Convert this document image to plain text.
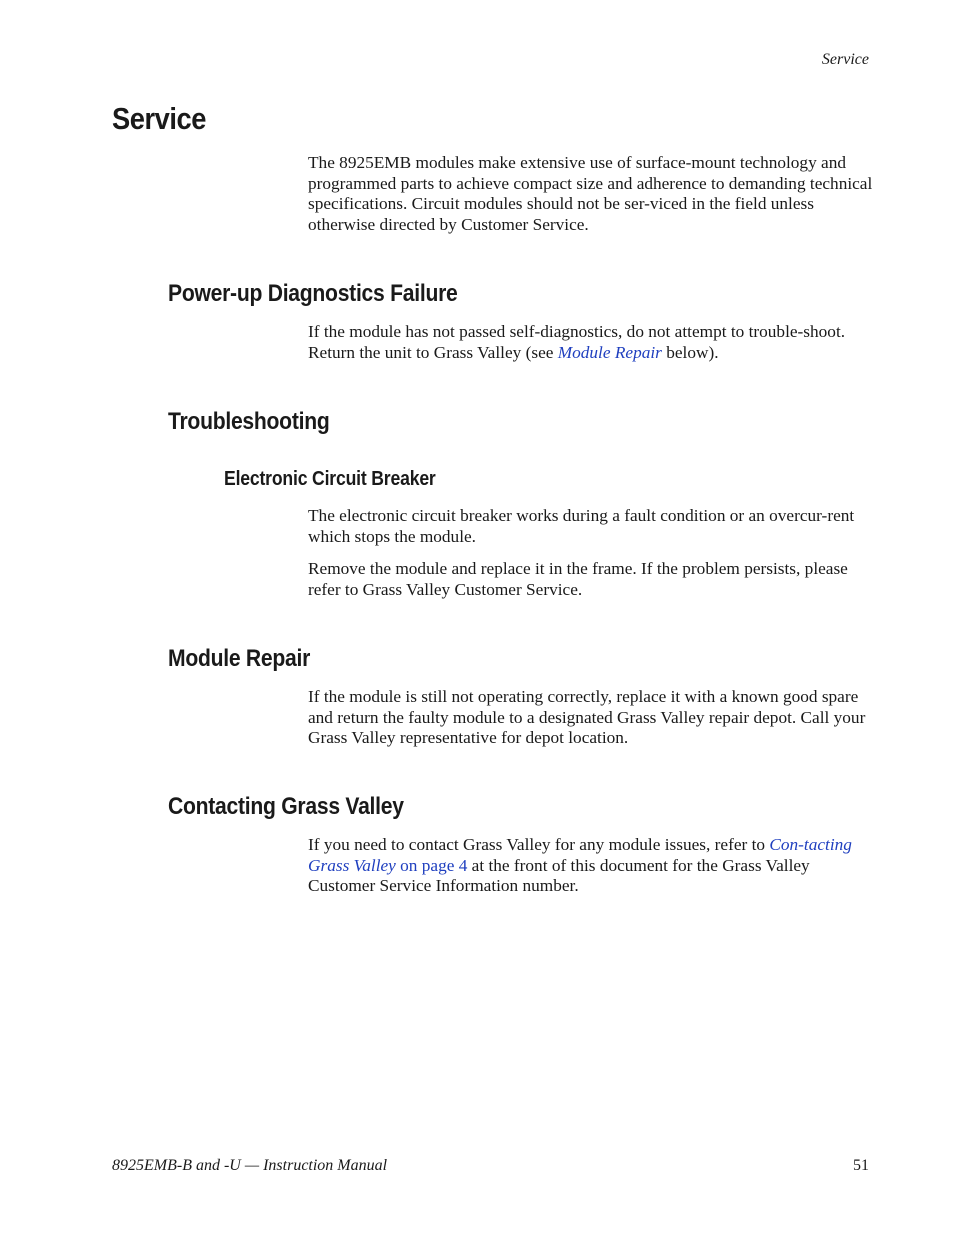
Service
Service

The 8925EMB modules make extensive use of surface-mount technology and programmed parts to achieve compact size and adherence to demanding technical specifications. Circuit modules should not be ser-viced in the field unless otherwise directed by Customer Service.

Power-up Diagnostics Failure

If the module has not passed self-diagnostics, do not attempt to trouble-shoot. Return the unit to Grass Valley (see Module Repair below).

Troubleshooting
Electronic Circuit Breaker

The electronic circuit breaker works during a fault condition or an overcur-rent which stops the module.

Remove the module and replace it in the frame. If the problem persists, please refer to Grass Valley Customer Service.

Module Repair

If the module is still not operating correctly, replace it with a known good spare and return the faulty module to a designated Grass Valley repair depot. Call your Grass Valley representative for depot location.

Contacting Grass Valley

If you need to contact Grass Valley for any module issues, refer to Con-tacting Grass Valley on page 4 at the front of this document for the Grass Valley Customer Service Information number.

8925EMB-B and -U — Instruction Manual	51
